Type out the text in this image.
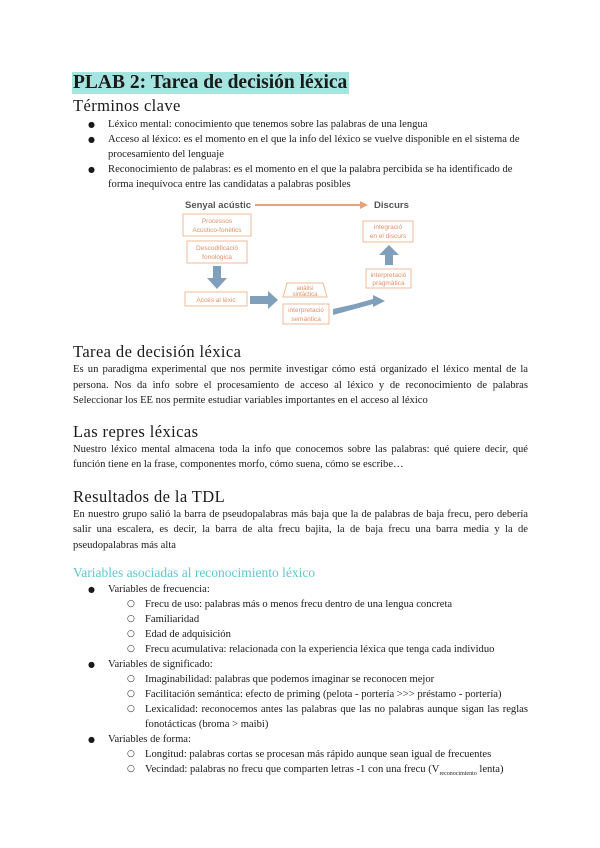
PLAB 2: Tarea de decisión léxica
Términos clave
● Léxico mental: conocimiento que tenemos sobre las palabras de una lengua
● Acceso al léxico: es el momento en el que la info del léxico se vuelve disponible en el sistema de procesamiento del lenguaje
● Reconocimiento de palabras: es el momento en el que la palabra percibida se ha identificado de forma inequívoca entre las candidatas a palabras posibles
Senyal acústic	Discurs
Processos
Acústico-fonètics
Descodificació
fonològica
Accés al lèxic
anàlisi
sintàctica
interpretació
semàntica
interpretació
pragmàtica
integració
en el discurs
Tarea de decisión léxica

Es un paradigma experimental que nos permite investigar cómo está organizado el léxico mental de la persona. Nos da info sobre el procesamiento de acceso al léxico y de reconocimiento de palabras Seleccionar los EE nos permite estudiar variables importantes en el acceso al léxico

Las repres léxicas

Nuestro léxico mental almacena toda la info que conocemos sobre las palabras: qué quiere decir, qué función tiene en la frase, componentes morfo, cómo suena, cómo se escribe…

Resultados de la TDL

En nuestro grupo salió la barra de pseudopalabras más baja que la de palabras de baja frecu, pero debería salir una escalera, es decir, la barra de alta frecu bajita, la de baja frecu una barra media y la de pseudopalabras más alta

Variables asociadas al reconocimiento léxico
● Variables de frecuencia:
○ Frecu de uso: palabras más o menos frecu dentro de una lengua concreta
○ Familiaridad
○ Edad de adquisición
○ Frecu acumulativa: relacionada con la experiencia léxica que tenga cada individuo
● Variables de significado:
○ Imaginabilidad: palabras que podemos imaginar se reconocen mejor
○ Facilitación semántica: efecto de priming (pelota - portería >>> préstamo - portería)
○ Lexicalidad: reconocemos antes las palabras que las no palabras aunque sigan las reglas fonotácticas (broma > maibi)
● Variables de forma:
○ Longitud: palabras cortas se procesan más rápido aunque sean igual de frecuentes
○ Vecindad: palabras no frecu que comparten letras -1 con una frecu ($V_{reconocimiento}$ lenta)
